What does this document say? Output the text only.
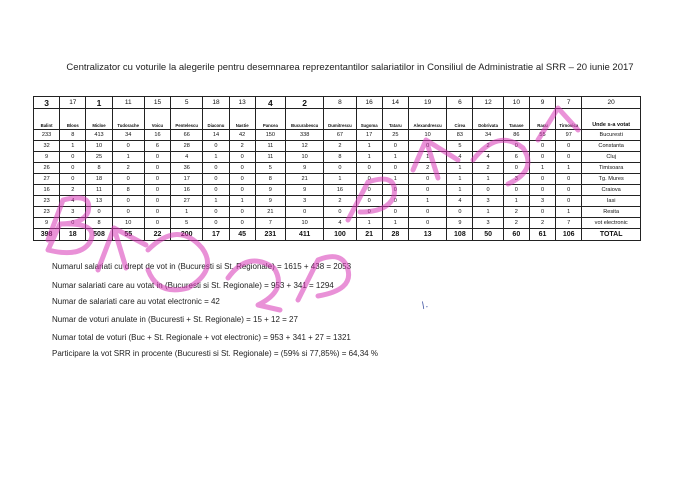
Centralizator cu voturile la alegerile pentru desemnarea reprezentantilor salariatilor in Consiliul de Administratie al SRR – 20 iunie 2017
3	17	1	11	15	5	18	13	4	2	8	16	14	19	6	12	10	9	7	20
Balint	Bloos	Micloe	Tudorache	Voicu	Pentelescu	Diaconu	Nastie	Pancea	Bucurabescu	Dumitrescu	Sugoma	Tataru	Alexandrescu	Cirea	Dobrivata	Tanase	Racu	Tirnovica	Unde s-a votat
233	8	413	34	16	66	14	42	150	338	67	17	25	10	83	34	86	55	97	Bucuresti
32	1	10	0	6	28	0	2	11	12	2	1	0	0	5	2	0	0	0	Constanta
9	0	25	1	0	4	1	0	11	10	8	1	1	1	4	4	6	0	0	Cluj
26	0	8	2	0	36	0	0	5	9	0	0	0	2	1	2	0	1	1	Timisoara
27	0	18	0	0	17	0	0	8	21	1	0	1	0	1	1	3	0	0	Tg. Mures
16	2	11	8	0	16	0	0	9	9	16	0	0	0	1	0	0	0	0	Craiova
23	4	13	0	0	27	1	1	9	3	2	0	0	1	4	3	1	3	0	Iasi
23	3	0	0	0	1	0	0	21	0	0	0	0	0	0	1	2	0	1	Resita
9	0	8	10	0	5	0	0	7	10	4	1	1	0	9	3	2	2	7	vot electronic
398	18	508	55	22	200	17	45	231	411	100	21	28	13	108	50	60	61	106	TOTAL
Numarul salariati cu drept de vot in (Bucuresti si St. Regionale) = 1615 + 438 = 2053
Numar salariati care au votat in (Bucuresti si St. Regionale) = 953 + 341 = 1294
Numar de salariati care au votat electronic = 42
Numar de voturi anulate in (Bucuresti + St. Regionale) = 15 + 12 = 27
Numar total de voturi (Buc + St. Regionale + vot electronic) = 953 + 341 + 27 = 1321
Participare la vot SRR in procente (Bucuresti si St. Regionale) = (59% si 77,85%) = 64,34 %
/.
